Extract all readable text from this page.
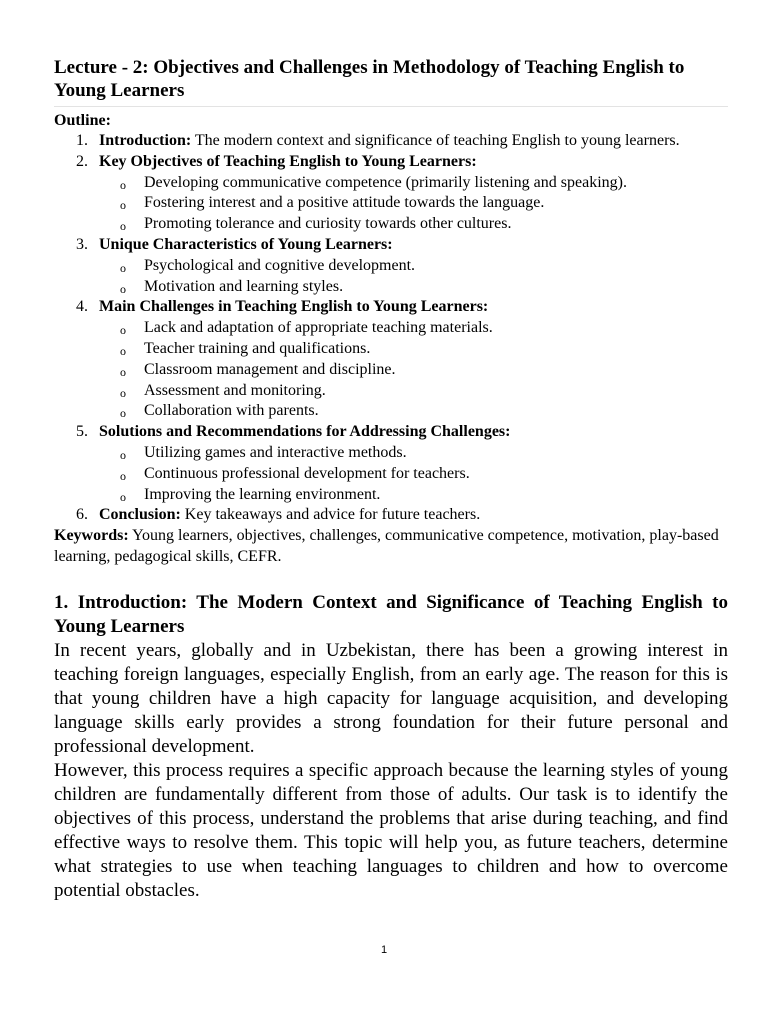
Lecture - 2: Objectives and Challenges in Methodology of Teaching English to Young Learners
Outline:
1. Introduction: The modern context and significance of teaching English to young learners.
2. Key Objectives of Teaching English to Young Learners:
o Developing communicative competence (primarily listening and speaking).
o Fostering interest and a positive attitude towards the language.
o Promoting tolerance and curiosity towards other cultures.
3. Unique Characteristics of Young Learners:
o Psychological and cognitive development.
o Motivation and learning styles.
4. Main Challenges in Teaching English to Young Learners:
o Lack and adaptation of appropriate teaching materials.
o Teacher training and qualifications.
o Classroom management and discipline.
o Assessment and monitoring.
o Collaboration with parents.
5. Solutions and Recommendations for Addressing Challenges:
o Utilizing games and interactive methods.
o Continuous professional development for teachers.
o Improving the learning environment.
6. Conclusion: Key takeaways and advice for future teachers.
Keywords: Young learners, objectives, challenges, communicative competence, motivation, play-based learning, pedagogical skills, CEFR.
1. Introduction: The Modern Context and Significance of Teaching English to Young Learners

In recent years, globally and in Uzbekistan, there has been a growing interest in teaching foreign languages, especially English, from an early age. The reason for this is that young children have a high capacity for language acquisition, and developing language skills early provides a strong foundation for their future personal and professional development.

However, this process requires a specific approach because the learning styles of young children are fundamentally different from those of adults. Our task is to identify the objectives of this process, understand the problems that arise during teaching, and find effective ways to resolve them. This topic will help you, as future teachers, determine what strategies to use when teaching languages to children and how to overcome potential obstacles.

1
